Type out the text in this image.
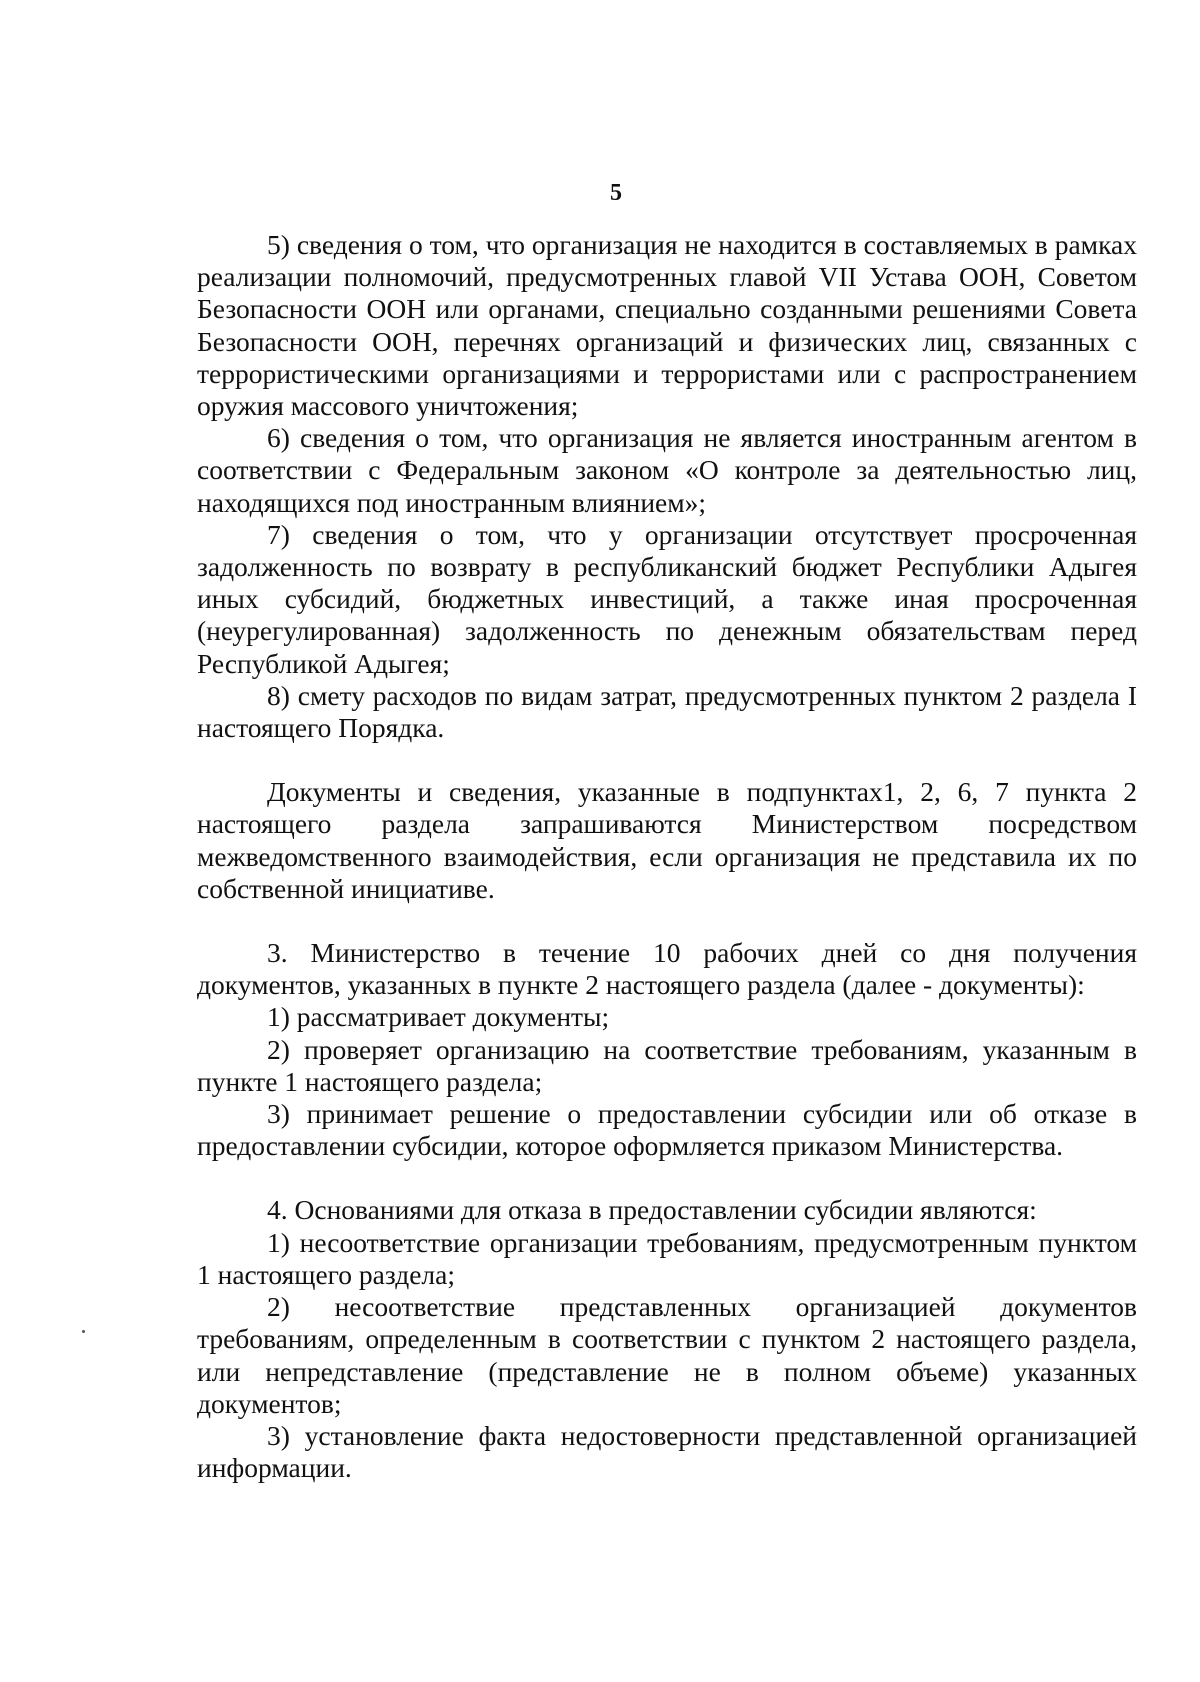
5

5) сведения о том, что организация не находится в составляемых в рамках реализации полномочий, предусмотренных главой VII Устава ООН, Советом Безопасности ООН или органами, специально созданными решениями Совета Безопасности ООН, перечнях организаций и физических лиц, связанных с террористическими организациями и террористами или с распространением оружия массового уничтожения;

6) сведения о том, что организация не является иностранным агентом в соответствии с Федеральным законом «О контроле за деятельностью лиц, находящихся под иностранным влиянием»;

7) сведения о том, что у организации отсутствует просроченная задолженность по возврату в республиканский бюджет Республики Адыгея иных субсидий, бюджетных инвестиций, а также иная просроченная (неурегулированная) задолженность по денежным обязательствам перед Республикой Адыгея;

8) смету расходов по видам затрат, предусмотренных пунктом 2 раздела I настоящего Порядка.

Документы и сведения, указанные в подпунктах1, 2, 6, 7 пункта 2 настоящего раздела запрашиваются Министерством посредством межведомственного взаимодействия, если организация не представила их по собственной инициативе.

3. Министерство в течение 10 рабочих дней со дня получения документов, указанных в пункте 2 настоящего раздела (далее - документы):

1) рассматривает документы;

2) проверяет организацию на соответствие требованиям, указанным в пункте 1 настоящего раздела;

3) принимает решение о предоставлении субсидии или об отказе в предоставлении субсидии, которое оформляется приказом Министерства.

4. Основаниями для отказа в предоставлении субсидии являются:

1) несоответствие организации требованиям, предусмотренным пунктом 1 настоящего раздела;

2) несоответствие представленных организацией документов требованиям, определенным в соответствии с пунктом 2 настоящего раздела, или непредставление (представление не в полном объеме) указанных документов;

3) установление факта недостоверности представленной организацией информации.
